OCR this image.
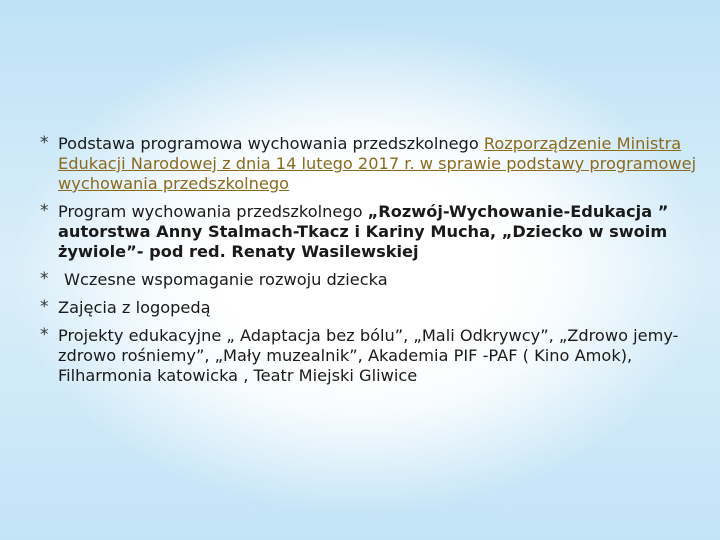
* Podstawa programowa wychowania przedszkolnego Rozporządzenie Ministra Edukacji Narodowej z dnia 14 lutego 2017 r. w sprawie podstawy programowej wychowania przedszkolnego
* Program wychowania przedszkolnego „Rozwój-Wychowanie-Edukacja ” autorstwa Anny Stalmach-Tkacz i Kariny Mucha, „Dziecko w swoim żywiole”- pod red. Renaty Wasilewskiej
* Wczesne wspomaganie rozwoju dziecka
* Zajęcia z logopedą
* Projekty edukacyjne „ Adaptacja bez bólu”, „Mali Odkrywcy”, „Zdrowo jemy- zdrowo rośniemy”, „Mały muzealnik”, Akademia PIF -PAF ( Kino Amok), Filharmonia katowicka , Teatr Miejski Gliwice
